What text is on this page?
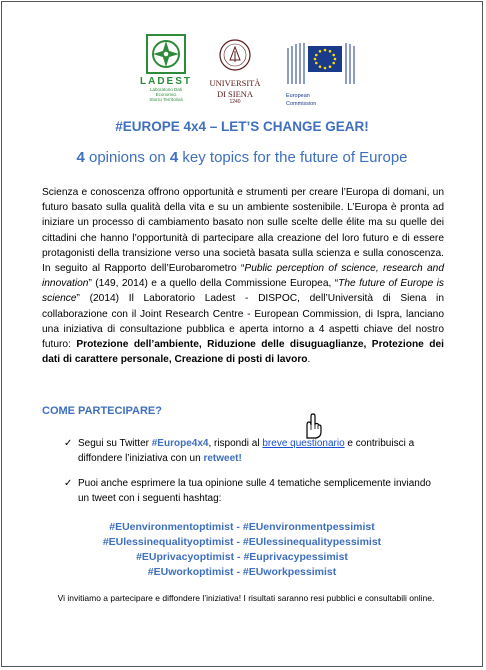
LADEST
Laboratorio Dati Economici
Storici Territoriali
UNIVERSITÀ
DI SIENA
1240
European
Commission
#EUROPE 4x4 – LET’S CHANGE GEAR!
4 opinions on 4 key topics for the future of Europe
Scienza e conoscenza offrono opportunità e strumenti per creare l’Europa di domani, un futuro basato sulla qualità della vita e su un ambiente sostenibile. L’Europa è pronta ad iniziare un processo di cambiamento basato non sulle scelte delle élite ma su quelle dei cittadini che hanno l’opportunità di partecipare alla creazione del loro futuro e di essere protagonisti della transizione verso una società basata sulla scienza e sulla conoscenza. In seguito al Rapporto dell’Eurobarometro “Public perception of science, research and innovation” (149, 2014) e a quello della Commissione Europea, “The future of Europe is science” (2014) Il Laboratorio Ladest - DISPOC, dell’Università di Siena in collaborazione con il Joint Research Centre - European Commission, di Ispra, lanciano una iniziativa di consultazione pubblica e aperta intorno a 4 aspetti chiave del nostro futuro: Protezione dell’ambiente, Riduzione delle disuguaglianze, Protezione dei dati di carattere personale, Creazione di posti di lavoro.
COME PARTECIPARE?
✓ Segui su Twitter #Europe4x4, rispondi al breve questionario e contribuisci a diffondere l’iniziativa con un retweet!
✓ Puoi anche esprimere la tua opinione sulle 4 tematiche semplicemente inviando un tweet con i seguenti hashtag:
#EUenvironmentoptimist - #EUenvironmentpessimist
#EUlessinequalityoptimist - #EUlessinequalitypessimist
#EUprivacyoptimist - #Euprivacypessimist
#EUworkoptimist - #EUworkpessimist
Vi invitiamo a partecipare e diffondere l’iniziativa! I risultati saranno resi pubblici e consultabili online.
